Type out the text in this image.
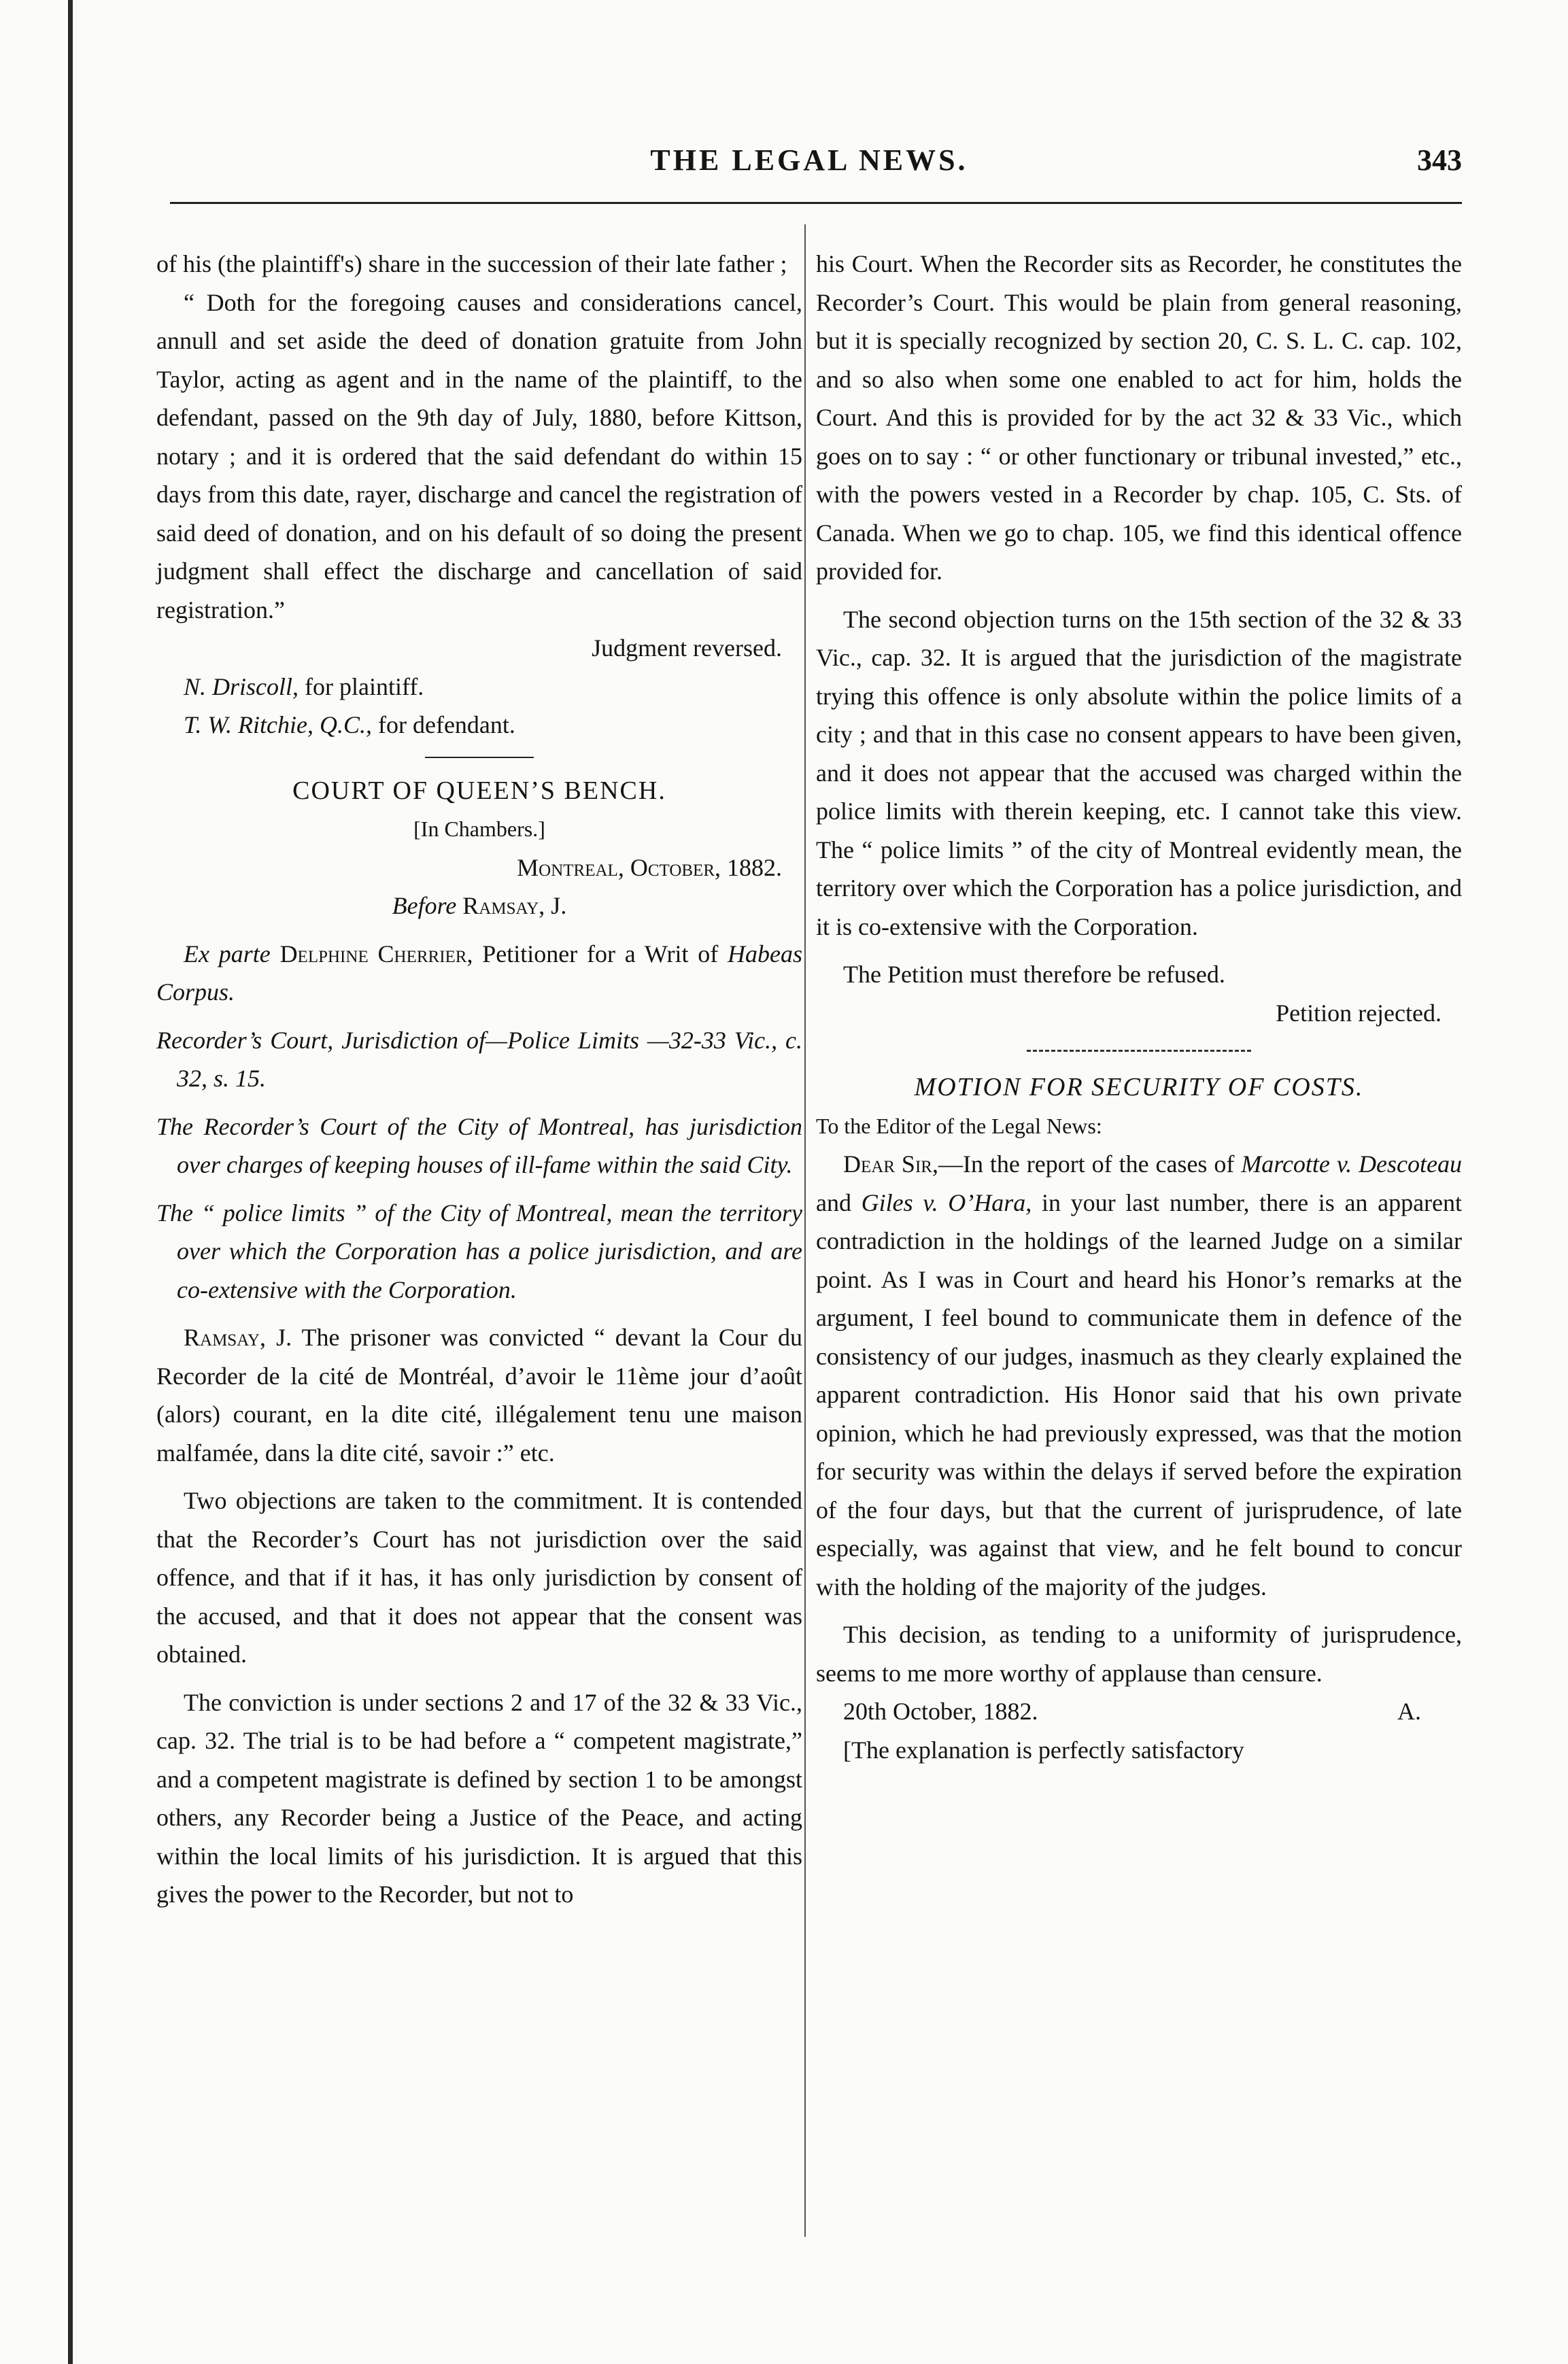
THE LEGAL NEWS.	343

of his (the plaintiff's) share in the succession of their late father ;

“ Doth for the foregoing causes and considerations cancel, annull and set aside the deed of donation gratuite from John Taylor, acting as agent and in the name of the plaintiff, to the defendant, passed on the 9th day of July, 1880, before Kittson, notary ; and it is ordered that the said defendant do within 15 days from this date, rayer, discharge and cancel the registration of said deed of donation, and on his default of so doing the present judgment shall effect the discharge and cancellation of said registration.”

Judgment reversed.

N. Driscoll, for plaintiff.

T. W. Ritchie, Q.C., for defendant.

COURT OF QUEEN’S BENCH.

[In Chambers.]

Montreal, October, 1882.

Before Ramsay, J.

Ex parte Delphine Cherrier, Petitioner for a Writ of Habeas Corpus.

Recorder’s Court, Jurisdiction of—Police Limits —32-33 Vic., c. 32, s. 15.

The Recorder’s Court of the City of Montreal, has jurisdiction over charges of keeping houses of ill-fame within the said City.

The “ police limits ” of the City of Montreal, mean the territory over which the Corporation has a police jurisdiction, and are co-extensive with the Corporation.

Ramsay, J. The prisoner was convicted “ devant la Cour du Recorder de la cité de Montréal, d’avoir le 11ème jour d’août (alors) courant, en la dite cité, illégalement tenu une maison malfamée, dans la dite cité, savoir :” etc.

Two objections are taken to the commitment. It is contended that the Recorder’s Court has not jurisdiction over the said offence, and that if it has, it has only jurisdiction by consent of the accused, and that it does not appear that the consent was obtained.

The conviction is under sections 2 and 17 of the 32 & 33 Vic., cap. 32. The trial is to be had before a “ competent magistrate,” and a competent magistrate is defined by section 1 to be amongst others, any Recorder being a Justice of the Peace, and acting within the local limits of his jurisdiction. It is argued that this gives the power to the Recorder, but not to

his Court. When the Recorder sits as Recorder, he constitutes the Recorder’s Court. This would be plain from general reasoning, but it is specially recognized by section 20, C. S. L. C. cap. 102, and so also when some one enabled to act for him, holds the Court. And this is provided for by the act 32 & 33 Vic., which goes on to say : “ or other functionary or tribunal invested,” etc., with the powers vested in a Recorder by chap. 105, C. Sts. of Canada. When we go to chap. 105, we find this identical offence provided for.

The second objection turns on the 15th section of the 32 & 33 Vic., cap. 32. It is argued that the jurisdiction of the magistrate trying this offence is only absolute within the police limits of a city ; and that in this case no consent appears to have been given, and it does not appear that the accused was charged within the police limits with therein keeping, etc. I cannot take this view. The “ police limits ” of the city of Montreal evidently mean, the territory over which the Corporation has a police jurisdiction, and it is co-extensive with the Corporation.

The Petition must therefore be refused.

Petition rejected.

MOTION FOR SECURITY OF COSTS.

To the Editor of the Legal News:

Dear Sir,—In the report of the cases of Marcotte v. Descoteau and Giles v. O’Hara, in your last number, there is an apparent contradiction in the holdings of the learned Judge on a similar point. As I was in Court and heard his Honor’s remarks at the argument, I feel bound to communicate them in defence of the consistency of our judges, inasmuch as they clearly explained the apparent contradiction. His Honor said that his own private opinion, which he had previously expressed, was that the motion for security was within the delays if served before the expiration of the four days, but that the current of jurisprudence, of late especially, was against that view, and he felt bound to concur with the holding of the majority of the judges.

This decision, as tending to a uniformity of jurisprudence, seems to me more worthy of applause than censure.

20th October, 1882.	A.

[The explanation is perfectly satisfactory
